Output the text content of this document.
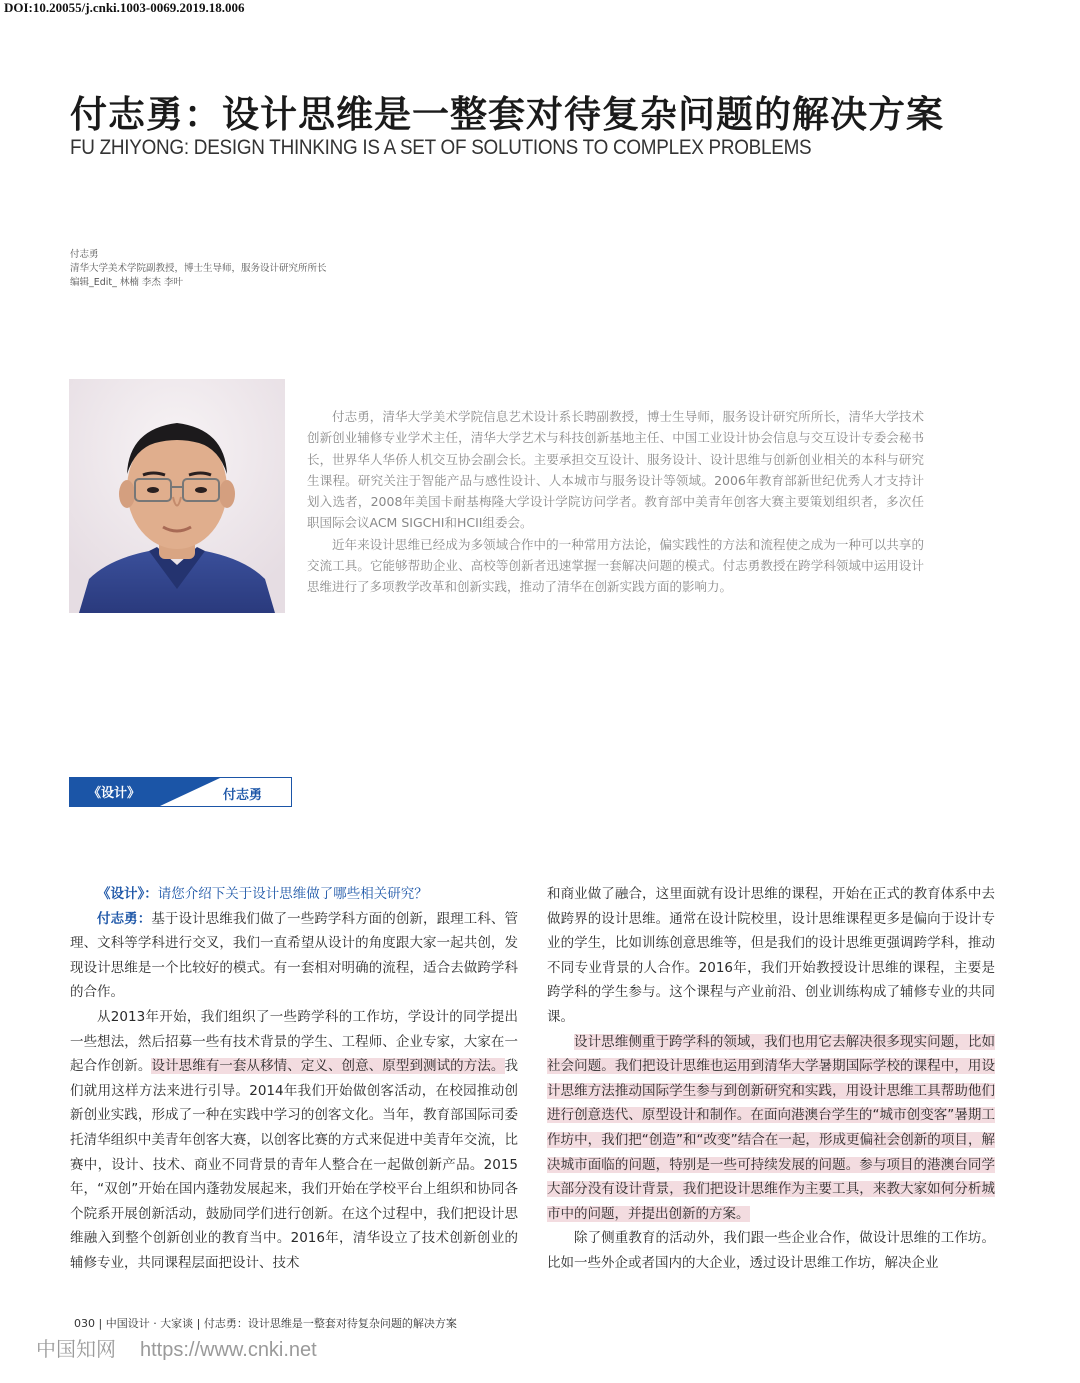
DOI:10.20055/j.cnki.1003-0069.2019.18.006
付志勇：设计思维是一整套对待复杂问题的解决方案
FU ZHIYONG: DESIGN THINKING IS A SET OF SOLUTIONS TO COMPLEX PROBLEMS
付志勇
清华大学美术学院副教授，博士生导师，服务设计研究所所长
编辑_Edit_ 林楠 李杰 李叶

付志勇，清华大学美术学院信息艺术设计系长聘副教授，博士生导师，服务设计研究所所长，清华大学技术创新创业辅修专业学术主任，清华大学艺术与科技创新基地主任、中国工业设计协会信息与交互设计专委会秘书长，世界华人华侨人机交互协会副会长。主要承担交互设计、服务设计、设计思维与创新创业相关的本科与研究生课程。研究关注于智能产品与感性设计、人本城市与服务设计等领域。2006年教育部新世纪优秀人才支持计划入选者，2008年美国卡耐基梅隆大学设计学院访问学者。教育部中美青年创客大赛主要策划组织者，多次任职国际会议ACM SIGCHI和HCII组委会。

近年来设计思维已经成为多领域合作中的一种常用方法论，偏实践性的方法和流程使之成为一种可以共享的交流工具。它能够帮助企业、高校等创新者迅速掌握一套解决问题的模式。付志勇教授在跨学科领域中运用设计思维进行了多项教学改革和创新实践，推动了清华在创新实践方面的影响力。

《设计》	付志勇

《设计》：请您介绍下关于设计思维做了哪些相关研究？

付志勇：基于设计思维我们做了一些跨学科方面的创新，跟理工科、管理、文科等学科进行交叉，我们一直希望从设计的角度跟大家一起共创，发现设计思维是一个比较好的模式。有一套相对明确的流程，适合去做跨学科的合作。

从2013年开始，我们组织了一些跨学科的工作坊，学设计的同学提出一些想法，然后招募一些有技术背景的学生、工程师、企业专家，大家在一起合作创新。设计思维有一套从移情、定义、创意、原型到测试的方法。我们就用这样方法来进行引导。2014年我们开始做创客活动，在校园推动创新创业实践，形成了一种在实践中学习的创客文化。当年，教育部国际司委托清华组织中美青年创客大赛，以创客比赛的方式来促进中美青年交流，比赛中，设计、技术、商业不同背景的青年人整合在一起做创新产品。2015年，“双创”开始在国内蓬勃发展起来，我们开始在学校平台上组织和协同各个院系开展创新活动，鼓励同学们进行创新。在这个过程中，我们把设计思维融入到整个创新创业的教育当中。2016年，清华设立了技术创新创业的辅修专业，共同课程层面把设计、技术

和商业做了融合，这里面就有设计思维的课程，开始在正式的教育体系中去做跨界的设计思维。通常在设计院校里，设计思维课程更多是偏向于设计专业的学生，比如训练创意思维等，但是我们的设计思维更强调跨学科，推动不同专业背景的人合作。2016年，我们开始教授设计思维的课程，主要是跨学科的学生参与。这个课程与产业前沿、创业训练构成了辅修专业的共同课。

设计思维侧重于跨学科的领域，我们也用它去解决很多现实问题，比如社会问题。我们把设计思维也运用到清华大学暑期国际学校的课程中，用设计思维方法推动国际学生参与到创新研究和实践，用设计思维工具帮助他们进行创意迭代、原型设计和制作。在面向港澳台学生的“城市创变客”暑期工作坊中，我们把“创造”和“改变”结合在一起，形成更偏社会创新的项目，解决城市面临的问题，特别是一些可持续发展的问题。参与项目的港澳台同学大部分没有设计背景，我们把设计思维作为主要工具，来教大家如何分析城市中的问题，并提出创新的方案。

除了侧重教育的活动外，我们跟一些企业合作，做设计思维的工作坊。比如一些外企或者国内的大企业，透过设计思维工作坊，解决企业

030 | 中国设计 · 大家谈 | 付志勇：设计思维是一整套对待复杂问题的解决方案
中国知网 https://www.cnki.net
